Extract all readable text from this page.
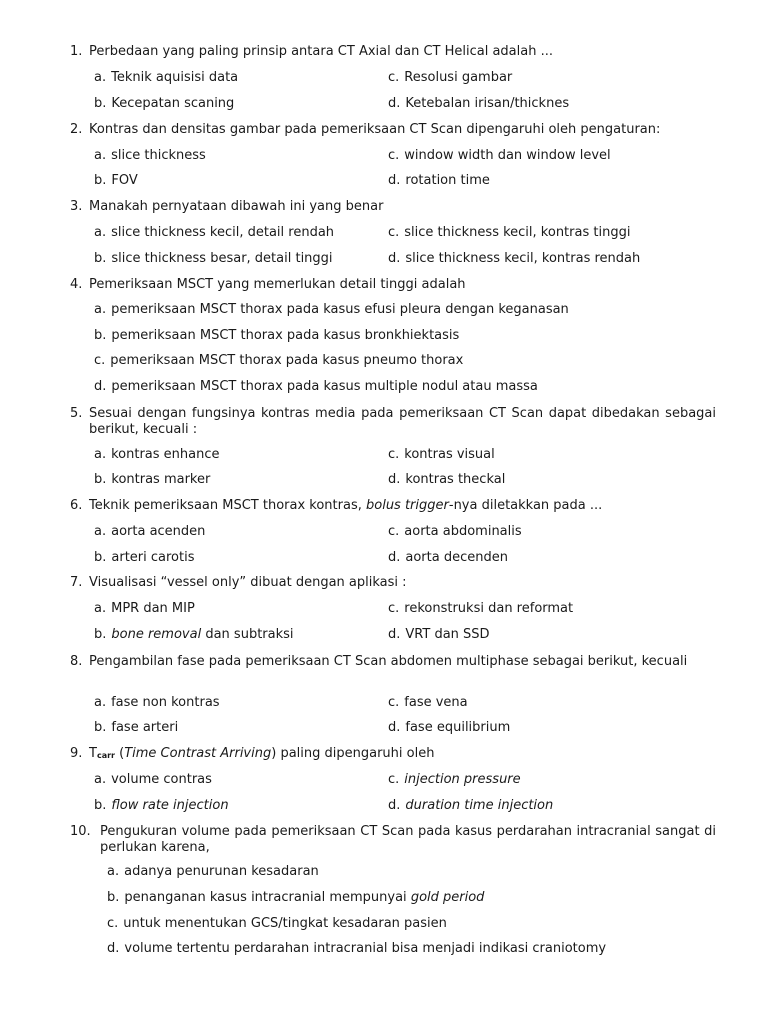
1. Perbedaan yang paling prinsip antara CT Axial dan CT Helical adalah ...
a. Teknik aquisisi data	c. Resolusi gambar
b. Kecepatan scaning	d. Ketebalan irisan/thicknes
2. Kontras dan densitas gambar pada pemeriksaan CT Scan dipengaruhi oleh pengaturan:
a. slice thickness	c. window width dan window level
b. FOV	d. rotation time
3. Manakah pernyataan dibawah ini yang benar
a. slice thickness kecil, detail rendah	c. slice thickness kecil, kontras tinggi
b. slice thickness besar, detail tinggi	d. slice thickness kecil, kontras rendah
4. Pemeriksaan MSCT yang memerlukan detail tinggi adalah
a. pemeriksaan MSCT thorax pada kasus efusi pleura dengan keganasan
b. pemeriksaan MSCT thorax pada kasus bronkhiektasis
c. pemeriksaan MSCT thorax pada kasus pneumo thorax
d. pemeriksaan MSCT thorax pada kasus multiple nodul atau massa
5. Sesuai dengan fungsinya kontras media pada pemeriksaan CT Scan dapat dibedakan sebagai berikut, kecuali :
a. kontras enhance	c. kontras visual
b. kontras marker	d. kontras theckal
6. Teknik pemeriksaan MSCT thorax kontras, bolus trigger-nya diletakkan pada ...
a. aorta acenden	c. aorta abdominalis
b. arteri carotis	d. aorta decenden
7. Visualisasi “vessel only” dibuat dengan aplikasi :
a. MPR dan MIP	c. rekonstruksi dan reformat
b. bone removal dan subtraksi	d. VRT dan SSD
8. Pengambilan fase pada pemeriksaan CT Scan abdomen multiphase sebagai berikut, kecuali
a. fase non kontras	c. fase vena
b. fase arteri	d. fase equilibrium
9. $T_{carr}$ (Time Contrast Arriving) paling dipengaruhi oleh
a. volume contras	c. injection pressure
b. flow rate injection	d. duration time injection
10. Pengukuran volume pada pemeriksaan CT Scan pada kasus perdarahan intracranial sangat di perlukan karena,
a. adanya penurunan kesadaran
b. penanganan kasus intracranial mempunyai gold period
c. untuk menentukan GCS/tingkat kesadaran pasien
d. volume tertentu perdarahan intracranial bisa menjadi indikasi craniotomy
